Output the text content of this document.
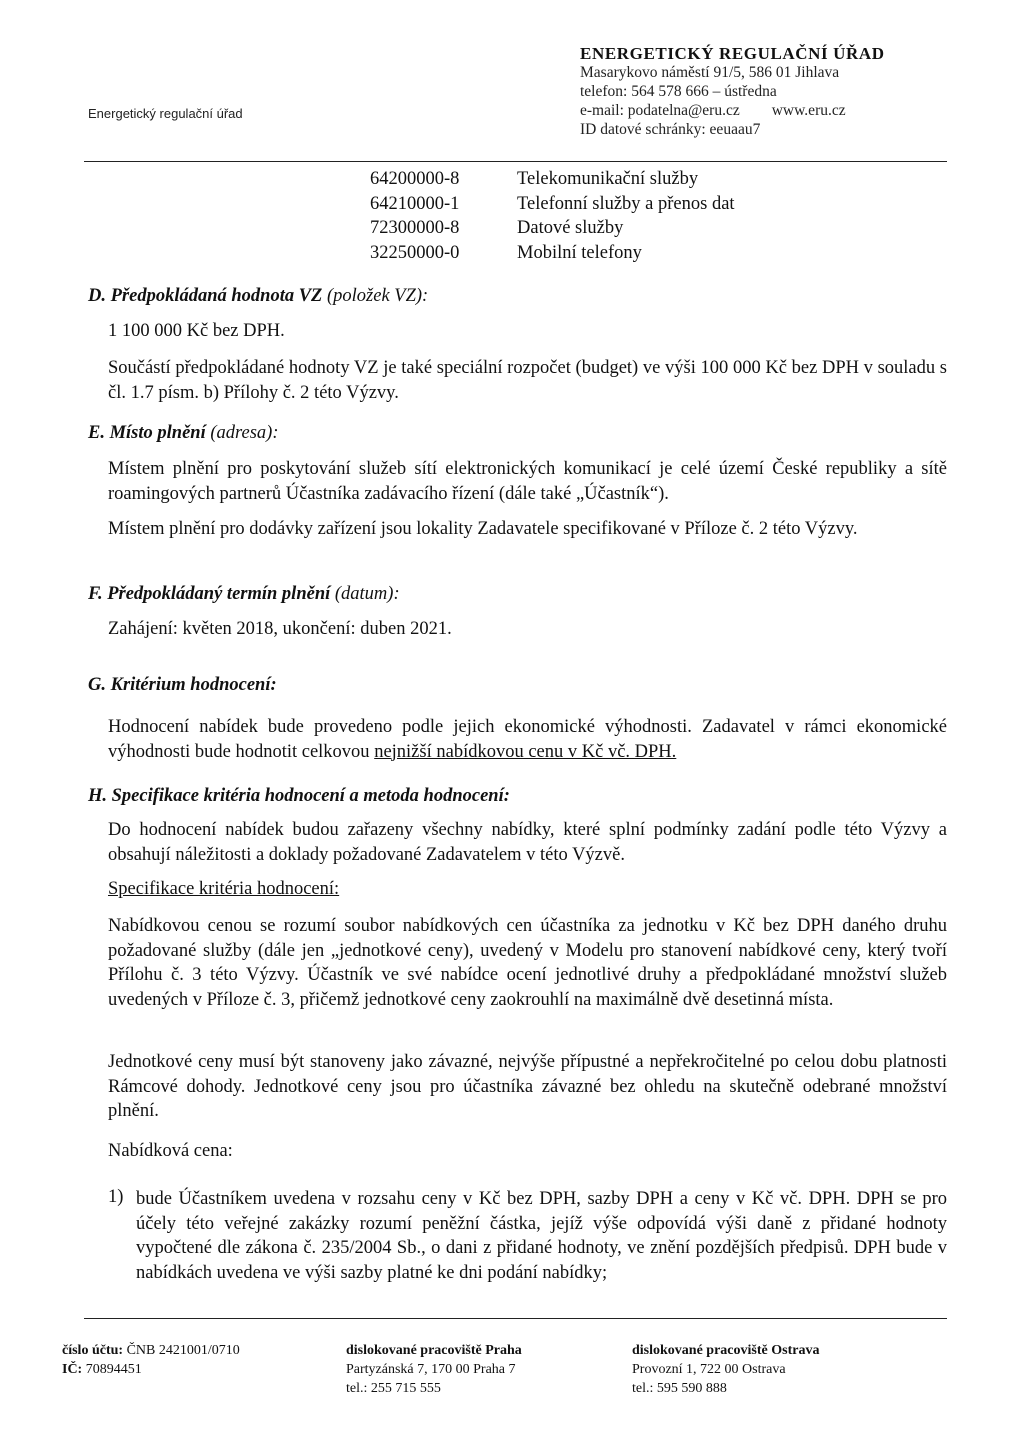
Energetický regulační úřad
ENERGETICKÝ REGULAČNÍ ÚŘAD
Masarykovo náměstí 91/5, 586 01 Jihlava
telefon: 564 578 666 – ústředna
e-mail: podatelna@eru.cz www.eru.cz
ID datové schránky: eeuaau7
64200000-8	Telekomunikační služby
64210000-1	Telefonní služby a přenos dat
72300000-8	Datové služby
32250000-0	Mobilní telefony
D. Předpokládaná hodnota VZ (položek VZ):
1 100 000 Kč bez DPH.
Součástí předpokládané hodnoty VZ je také speciální rozpočet (budget) ve výši 100 000 Kč bez DPH v souladu s čl. 1.7 písm. b) Přílohy č. 2 této Výzvy.
E. Místo plnění (adresa):
Místem plnění pro poskytování služeb sítí elektronických komunikací je celé území České republiky a sítě roamingových partnerů Účastníka zadávacího řízení (dále také „Účastník“).
Místem plnění pro dodávky zařízení jsou lokality Zadavatele specifikované v Příloze č. 2 této Výzvy.
F. Předpokládaný termín plnění (datum):
Zahájení: květen 2018, ukončení: duben 2021.
G. Kritérium hodnocení:
Hodnocení nabídek bude provedeno podle jejich ekonomické výhodnosti. Zadavatel v rámci ekonomické výhodnosti bude hodnotit celkovou nejnižší nabídkovou cenu v Kč vč. DPH.
H. Specifikace kritéria hodnocení a metoda hodnocení:
Do hodnocení nabídek budou zařazeny všechny nabídky, které splní podmínky zadání podle této Výzvy a obsahují náležitosti a doklady požadované Zadavatelem v této Výzvě.
Specifikace kritéria hodnocení:
Nabídkovou cenou se rozumí soubor nabídkových cen účastníka za jednotku v Kč bez DPH daného druhu požadované služby (dále jen „jednotkové ceny), uvedený v Modelu pro stanovení nabídkové ceny, který tvoří Přílohu č. 3 této Výzvy. Účastník ve své nabídce ocení jednotlivé druhy a předpokládané množství služeb uvedených v Příloze č. 3, přičemž jednotkové ceny zaokrouhlí na maximálně dvě desetinná místa.
Jednotkové ceny musí být stanoveny jako závazné, nejvýše přípustné a nepřekročitelné po celou dobu platnosti Rámcové dohody. Jednotkové ceny jsou pro účastníka závazné bez ohledu na skutečně odebrané množství plnění.
Nabídková cena:
1) bude Účastníkem uvedena v rozsahu ceny v Kč bez DPH, sazby DPH a ceny v Kč vč. DPH. DPH se pro účely této veřejné zakázky rozumí peněžní částka, jejíž výše odpovídá výši daně z přidané hodnoty vypočtené dle zákona č. 235/2004 Sb., o dani z přidané hodnoty, ve znění pozdějších předpisů. DPH bude v nabídkách uvedena ve výši sazby platné ke dni podání nabídky;
číslo účtu: ČNB 2421001/0710
IČ: 70894451
dislokované pracoviště Praha
Partyzánská 7, 170 00 Praha 7
tel.: 255 715 555
dislokované pracoviště Ostrava
Provozní 1, 722 00 Ostrava
tel.: 595 590 888
